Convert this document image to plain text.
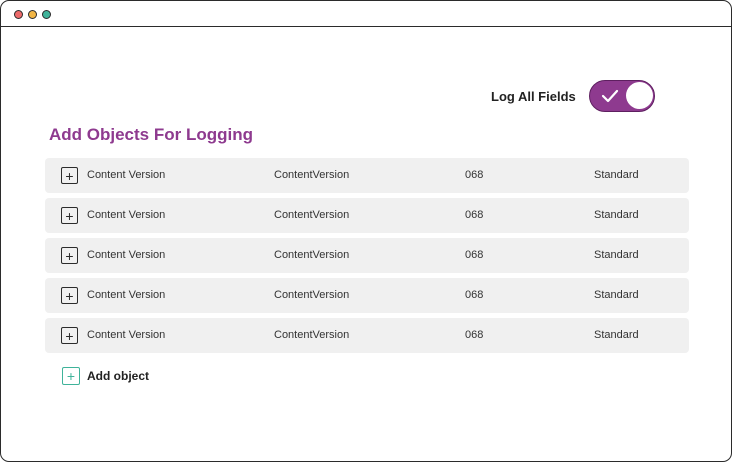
Log All Fields
Add Objects For Logging
+	Content Version	ContentVersion	068	Standard
+	Content Version	ContentVersion	068	Standard
+	Content Version	ContentVersion	068	Standard
+	Content Version	ContentVersion	068	Standard
+	Content Version	ContentVersion	068	Standard
+ Add object
